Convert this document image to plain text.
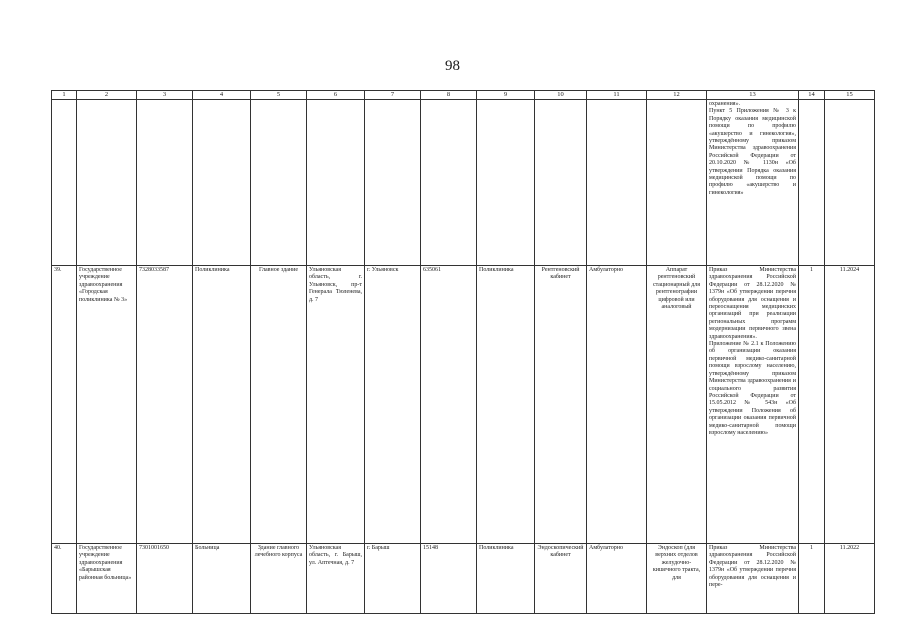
98
1	2	3	4	5	6	7	8	9	10	11	12	13	14	15
												охранения».
Пункт 5 Приложения № 3 к Порядку оказания медицинской помощи по профилю «акушерство и гинекология», утверждённому приказом Министерства здравоохранения Российской Федерации от 20.10.2020 № 1130н «Об утверждении Порядка оказания медицинской помощи по профилю «акушерство и гинекология»		
39.	Государственное учреждение здравоохранения «Городская поликлиника № 3»	7328033587	Поликлиника	Главное здание	Ульяновская область, г. Ульяновск, пр-т Генерала Тюленева, д. 7	г. Ульяновск	635061	Поликлиника	Рентгеновский кабинет	Амбулаторно	Аппарат рентгеновский стационарный для рентгенографии цифровой или аналоговый	Приказ Министерства здравоохранения Российской Федерации от 28.12.2020 № 1379н «Об утверждении перечня оборудования для оснащения и переоснащения медицинских организаций при реализации региональных программ модернизации первичного звена здравоохранения».
Приложение № 2.1 к Положению об организации оказания первичной медико-санитарной помощи взрослому населению, утверждённому приказом Министерства здравоохранения и социального развития Российской Федерации от 15.05.2012 № 543н «Об утверждении Положения об организации оказания первичной медико-санитарной помощи взрослому населению»	1	11.2024
40.	Государственное учреждение здравоохранения «Барышская районная больница»	7301001650	Больница	Здание главного лечебного корпуса	Ульяновская область, г. Барыш, ул. Аптечная, д. 7	г. Барыш	15148	Поликлиника	Эндоскопический кабинет	Амбулаторно	Эндоскоп (для верхних отделов желудочно-кишечного тракта, для	Приказ Министерства здравоохранения Российской Федерации от 28.12.2020 № 1379н «Об утверждении перечня оборудования для оснащения и пере-	1	11.2022
